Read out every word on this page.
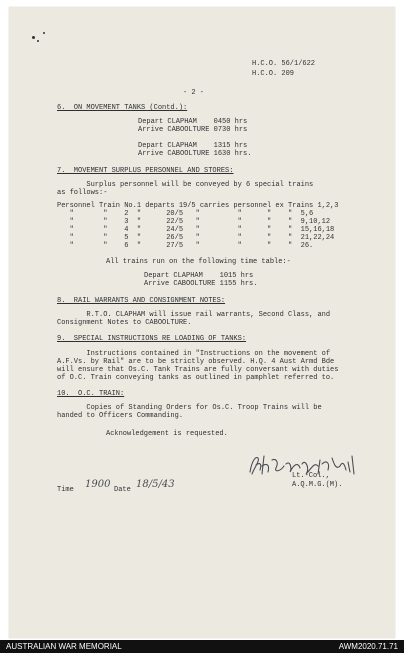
H.C.O. 56/1/622
H.C.O. 209
- 2 -
6.  ON MOVEMENT TANKS (Contd.):
Depart CLAPHAM    0450 hrs
Arrive CABOOLTURE 0730 hrs
Depart CLAPHAM    1315 hrs
Arrive CABOOLTURE 1630 hrs.
7.  MOVEMENT SURPLUS PERSONNEL AND STORES:
Surplus personnel will be conveyed by 6 special trains
as follows:-
Personnel Train No.1 departs 19/5 carries personnel ex Trains 1,2,3
"       "    2  "      20/5   "         "      "    "  5,6
"       "    3  "      22/5   "         "      "    "  9,10,12
"       "    4  "      24/5   "         "      "    "  15,16,18
"       "    5  "      26/5   "         "      "    "  21,22,24
"       "    6  "      27/5   "         "      "    "  26.
All trains run on the following time table:-
Depart CLAPHAM    1015 hrs
Arrive CABOOLTURE 1155 hrs.
8.  RAIL WARRANTS AND CONSIGNMENT NOTES:
R.T.O. CLAPHAM will issue rail warrants, Second Class, and
Consignment Notes to CABOOLTURE.
9.  SPECIAL INSTRUCTIONS RE LOADING OF TANKS:
Instructions contained in "Instructions on the movement of
A.F.Vs. by Rail" are to be strictly observed. H.Q. 4 Aust Armd Bde
will ensure that Os.C. Tank Trains are fully conversant with duties
of O.C. Train conveying tanks as outlined in pamphlet referred to.
10.  O.C. TRAIN:
Copies of Standing Orders for Os.C. Troop Trains will be
handed to Officers Commanding.
Acknowledgement is requested.
Lt.-Col.,
A.Q.M.G.(M).
Time 1900 Date 18/5/43
AUSTRALIAN WAR MEMORIAL	AWM2020.71.71
